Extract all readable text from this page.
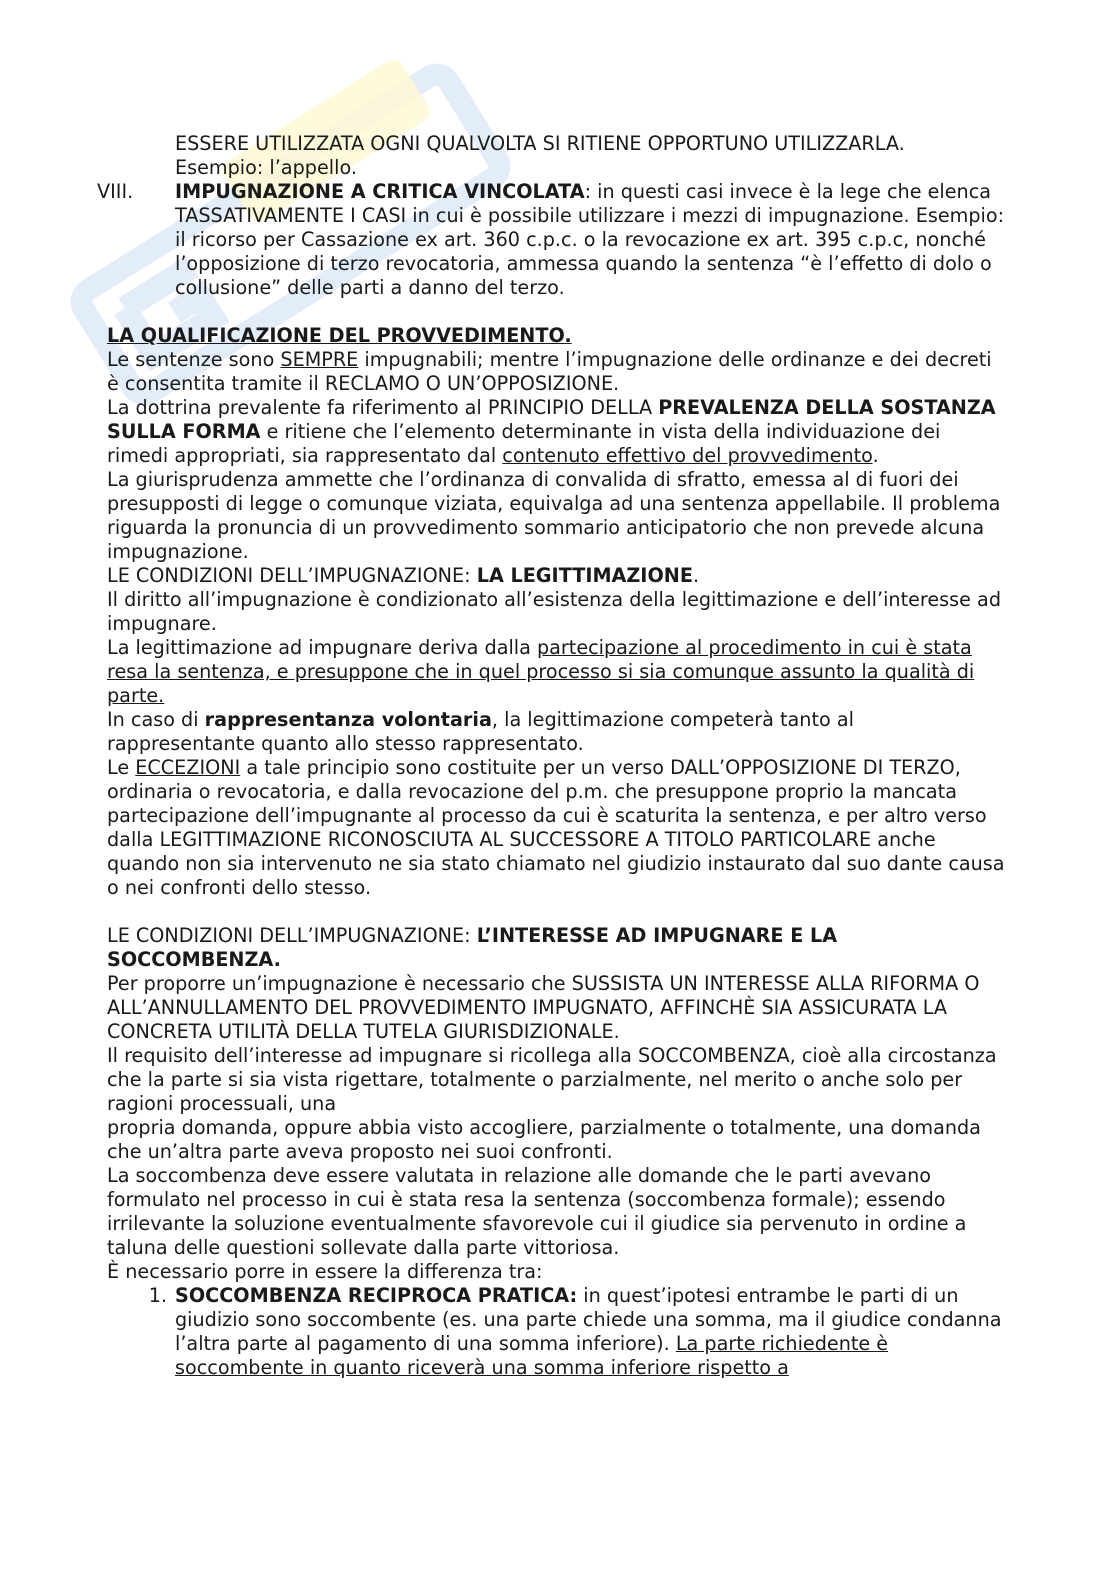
ESSERE UTILIZZATA OGNI QUALVOLTA SI RITIENE OPPORTUNO UTILIZZARLA.

Esempio: l’appello.

VIII.	IMPUGNAZIONE A CRITICA VINCOLATA: in questi casi invece è la lege che elenca TASSATIVAMENTE I CASI in cui è possibile utilizzare i mezzi di impugnazione. Esempio: il ricorso per Cassazione ex art. 360 c.p.c. o la revocazione ex art. 395 c.p.c, nonché l’opposizione di terzo revocatoria, ammessa quando la sentenza “è l’effetto di dolo o collusione” delle parti a danno del terzo.

LA QUALIFICAZIONE DEL PROVVEDIMENTO.

Le sentenze sono SEMPRE impugnabili; mentre l’impugnazione delle ordinanze e dei decreti è consentita tramite il RECLAMO O UN’OPPOSIZIONE.

La dottrina prevalente fa riferimento al PRINCIPIO DELLA PREVALENZA DELLA SOSTANZA SULLA FORMA e ritiene che l’elemento determinante in vista della individuazione dei rimedi appropriati, sia rappresentato dal contenuto effettivo del provvedimento.

La giurisprudenza ammette che l’ordinanza di convalida di sfratto, emessa al di fuori dei presupposti di legge o comunque viziata, equivalga ad una sentenza appellabile. Il problema riguarda la pronuncia di un provvedimento sommario anticipatorio che non prevede alcuna impugnazione.

LE CONDIZIONI DELL’IMPUGNAZIONE: LA LEGITTIMAZIONE.

Il diritto all’impugnazione è condizionato all’esistenza della legittimazione e dell’interesse ad impugnare.

La legittimazione ad impugnare deriva dalla partecipazione al procedimento in cui è stata resa la sentenza, e presuppone che in quel processo si sia comunque assunto la qualità di parte.

In caso di rappresentanza volontaria, la legittimazione competerà tanto al rappresentante quanto allo stesso rappresentato.

Le ECCEZIONI a tale principio sono costituite per un verso DALL’OPPOSIZIONE DI TERZO, ordinaria o revocatoria, e dalla revocazione del p.m. che presuppone proprio la mancata partecipazione dell’impugnante al processo da cui è scaturita la sentenza, e per altro verso dalla LEGITTIMAZIONE RICONOSCIUTA AL SUCCESSORE A TITOLO PARTICOLARE anche quando non sia intervenuto ne sia stato chiamato nel giudizio instaurato dal suo dante causa o nei confronti dello stesso.

LE CONDIZIONI DELL’IMPUGNAZIONE: L’INTERESSE AD IMPUGNARE E LA SOCCOMBENZA.

Per proporre un’impugnazione è necessario che SUSSISTA UN INTERESSE ALLA RIFORMA O ALL’ANNULLAMENTO DEL PROVVEDIMENTO IMPUGNATO, AFFINCHÈ SIA ASSICURATA LA CONCRETA UTILITÀ DELLA TUTELA GIURISDIZIONALE.

Il requisito dell’interesse ad impugnare si ricollega alla SOCCOMBENZA, cioè alla circostanza che la parte si sia vista rigettare, totalmente o parzialmente, nel merito o anche solo per ragioni processuali, una

propria domanda, oppure abbia visto accogliere, parzialmente o totalmente, una domanda che un’altra parte aveva proposto nei suoi confronti.

La soccombenza deve essere valutata in relazione alle domande che le parti avevano formulato nel processo in cui è stata resa la sentenza (soccombenza formale); essendo irrilevante la soluzione eventualmente sfavorevole cui il giudice sia pervenuto in ordine a taluna delle questioni sollevate dalla parte vittoriosa.

È necessario porre in essere la differenza tra:

1. SOCCOMBENZA RECIPROCA PRATICA: in quest’ipotesi entrambe le parti di un giudizio sono soccombente (es. una parte chiede una somma, ma il giudice condanna l’altra parte al pagamento di una somma inferiore). La parte richiedente è soccombente in quanto riceverà una somma inferiore rispetto a
